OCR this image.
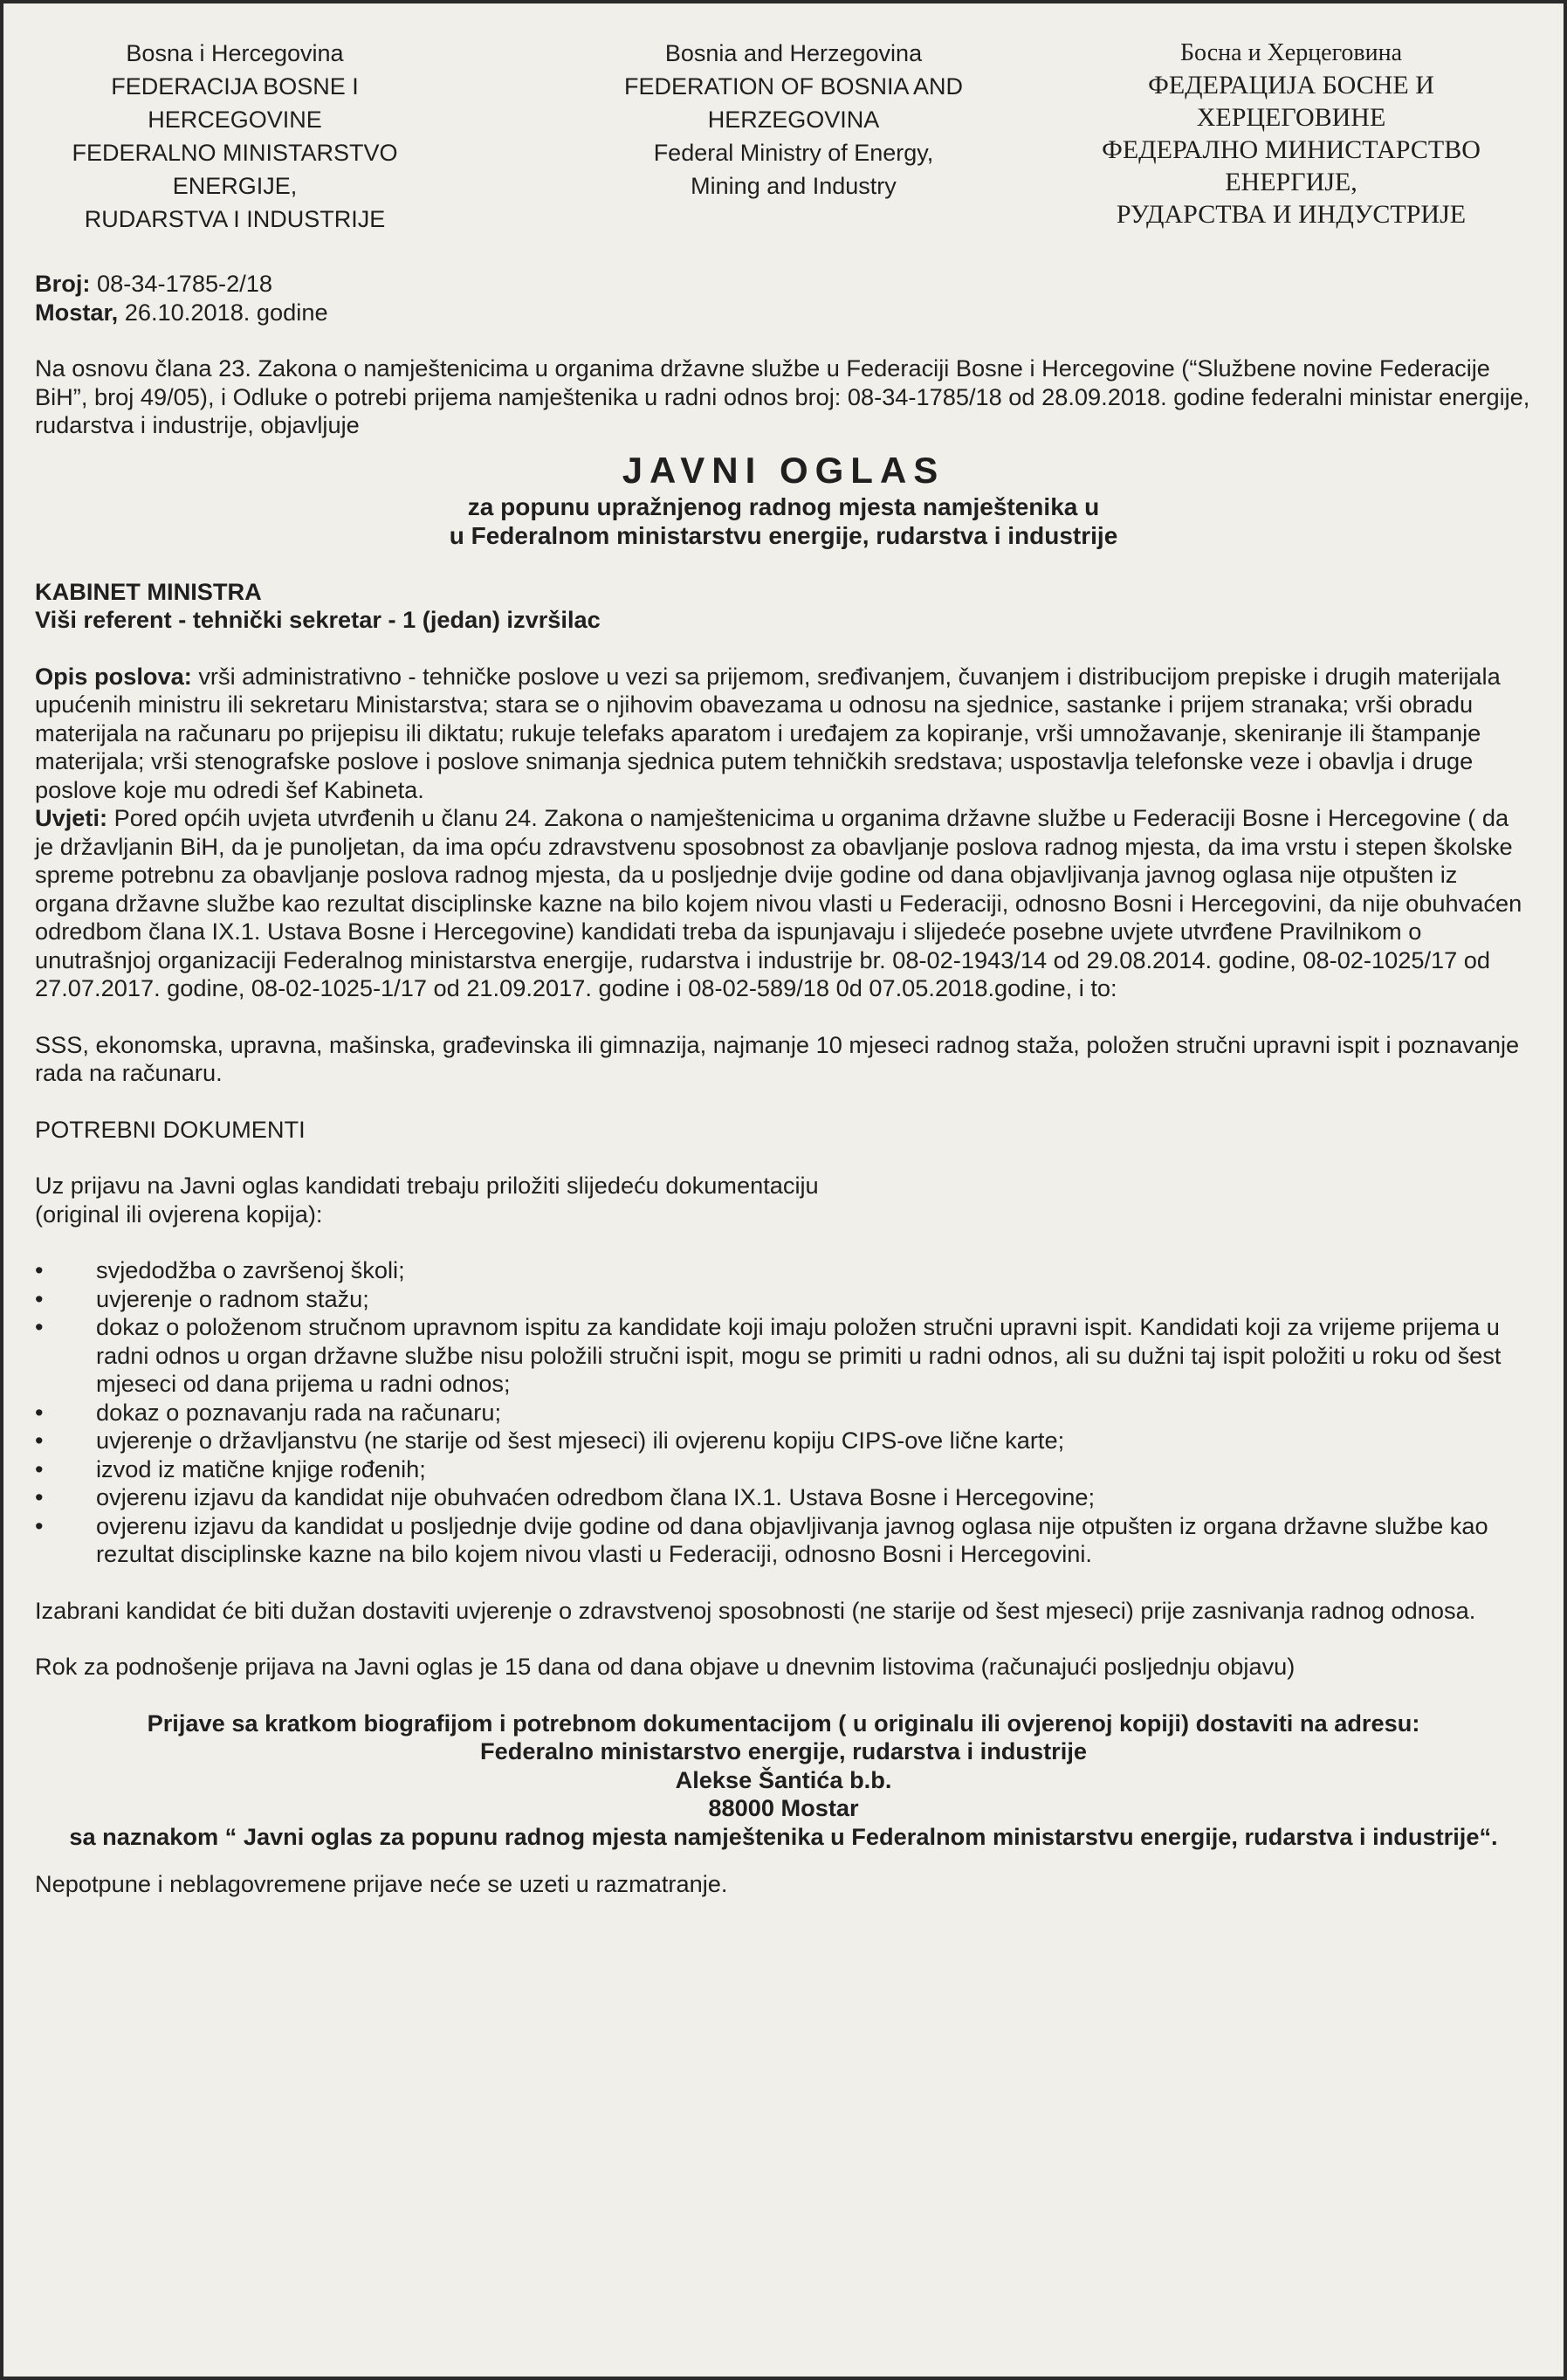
Bosna i Hercegovina
FEDERACIJA BOSNE I
HERCEGOVINE
FEDERALNO MINISTARSTVO
ENERGIJE,
RUDARSTVA I INDUSTRIJE
Bosnia and Herzegovina
FEDERATION OF BOSNIA AND
HERZEGOVINA
Federal Ministry of Energy,
Mining and Industry
Босна и Херцеговина
ФЕДЕРАЦИЈА БОСНЕ И
ХЕРЦЕГОВИНЕ
ФЕДЕРАЛНО МИНИСТАРСТВО
ЕНЕРГИЈЕ,
РУДАРСТВА И ИНДУСТРИЈЕ

Broj: 08-34-1785-2/18

Mostar, 26.10.2018. godine

Na osnovu člana 23. Zakona o namještenicima u organima državne službe u Federaciji Bosne i Hercegovine (“Službene novine Federacije BiH”, broj 49/05), i Odluke o potrebi prijema namještenika u radni odnos broj: 08-34-1785/18 od 28.09.2018. godine federalni ministar energije, rudarstva i industrije, objavljuje

JAVNI OGLAS
za popunu upražnjenog radnog mjesta namještenika u
u Federalnom ministarstvu energije, rudarstva i industrije

KABINET MINISTRA

Viši referent - tehnički sekretar - 1 (jedan) izvršilac

Opis poslova: vrši administrativno - tehničke poslove u vezi sa prijemom, sređivanjem, čuvanjem i distribucijom prepiske i drugih materijala upućenih ministru ili sekretaru Ministarstva; stara se o njihovim obavezama u odnosu na sjednice, sastanke i prijem stranaka; vrši obradu materijala na računaru po prijepisu ili diktatu; rukuje telefaks aparatom i uređajem za kopiranje, vrši umnožavanje, skeniranje ili štampanje materijala; vrši stenografske poslove i poslove snimanja sjednica putem tehničkih sredstava; uspostavlja telefonske veze i obavlja i druge poslove koje mu odredi šef Kabineta.

Uvjeti: Pored općih uvjeta utvrđenih u članu 24. Zakona o namještenicima u organima državne službe u Federaciji Bosne i Hercegovine ( da je državljanin BiH, da je punoljetan, da ima opću zdravstvenu sposobnost za obavljanje poslova radnog mjesta, da ima vrstu i stepen školske spreme potrebnu za obavljanje poslova radnog mjesta, da u posljednje dvije godine od dana objavljivanja javnog oglasa nije otpušten iz organa državne službe kao rezultat disciplinske kazne na bilo kojem nivou vlasti u Federaciji, odnosno Bosni i Hercegovini, da nije obuhvaćen odredbom člana IX.1. Ustava Bosne i Hercegovine) kandidati treba da ispunjavaju i slijedeće posebne uvjete utvrđene Pravilnikom o unutrašnjoj organizaciji Federalnog ministarstva energije, rudarstva i industrije br. 08-02-1943/14 od 29.08.2014. godine, 08-02-1025/17 od 27.07.2017. godine, 08-02-1025-1/17 od 21.09.2017. godine i 08-02-589/18 0d 07.05.2018.godine, i to:

SSS, ekonomska, upravna, mašinska, građevinska ili gimnazija, najmanje 10 mjeseci radnog staža, položen stručni upravni ispit i poznavanje rada na računaru.

POTREBNI DOKUMENTI

Uz prijavu na Javni oglas kandidati trebaju priložiti slijedeću dokumentaciju

(original ili ovjerena kopija):

• svjedodžba o završenoj školi;
• uvjerenje o radnom stažu;
• dokaz o položenom stručnom upravnom ispitu za kandidate koji imaju položen stručni upravni ispit. Kandidati koji za vrijeme prijema u radni odnos u organ državne službe nisu položili stručni ispit, mogu se primiti u radni odnos, ali su dužni taj ispit položiti u roku od šest mjeseci od dana prijema u radni odnos;
• dokaz o poznavanju rada na računaru;
• uvjerenje o državljanstvu (ne starije od šest mjeseci) ili ovjerenu kopiju CIPS-ove lične karte;
• izvod iz matične knjige rođenih;
• ovjerenu izjavu da kandidat nije obuhvaćen odredbom člana IX.1. Ustava Bosne i Hercegovine;
• ovjerenu izjavu da kandidat u posljednje dvije godine od dana objavljivanja javnog oglasa nije otpušten iz organa državne službe kao rezultat disciplinske kazne na bilo kojem nivou vlasti u Federaciji, odnosno Bosni i Hercegovini.

Izabrani kandidat će biti dužan dostaviti uvjerenje o zdravstvenoj sposobnosti (ne starije od šest mjeseci) prije zasnivanja radnog odnosa.

Rok za podnošenje prijava na Javni oglas je 15 dana od dana objave u dnevnim listovima (računajući posljednju objavu)

Prijave sa kratkom biografijom i potrebnom dokumentacijom ( u originalu ili ovjerenoj kopiji) dostaviti na adresu:

Federalno ministarstvo energije, rudarstva i industrije

Alekse Šantića b.b.

88000 Mostar

sa naznakom “ Javni oglas za popunu radnog mjesta namještenika u Federalnom ministarstvu energije, rudarstva i industrije“.

Nepotpune i neblagovremene prijave neće se uzeti u razmatranje.
